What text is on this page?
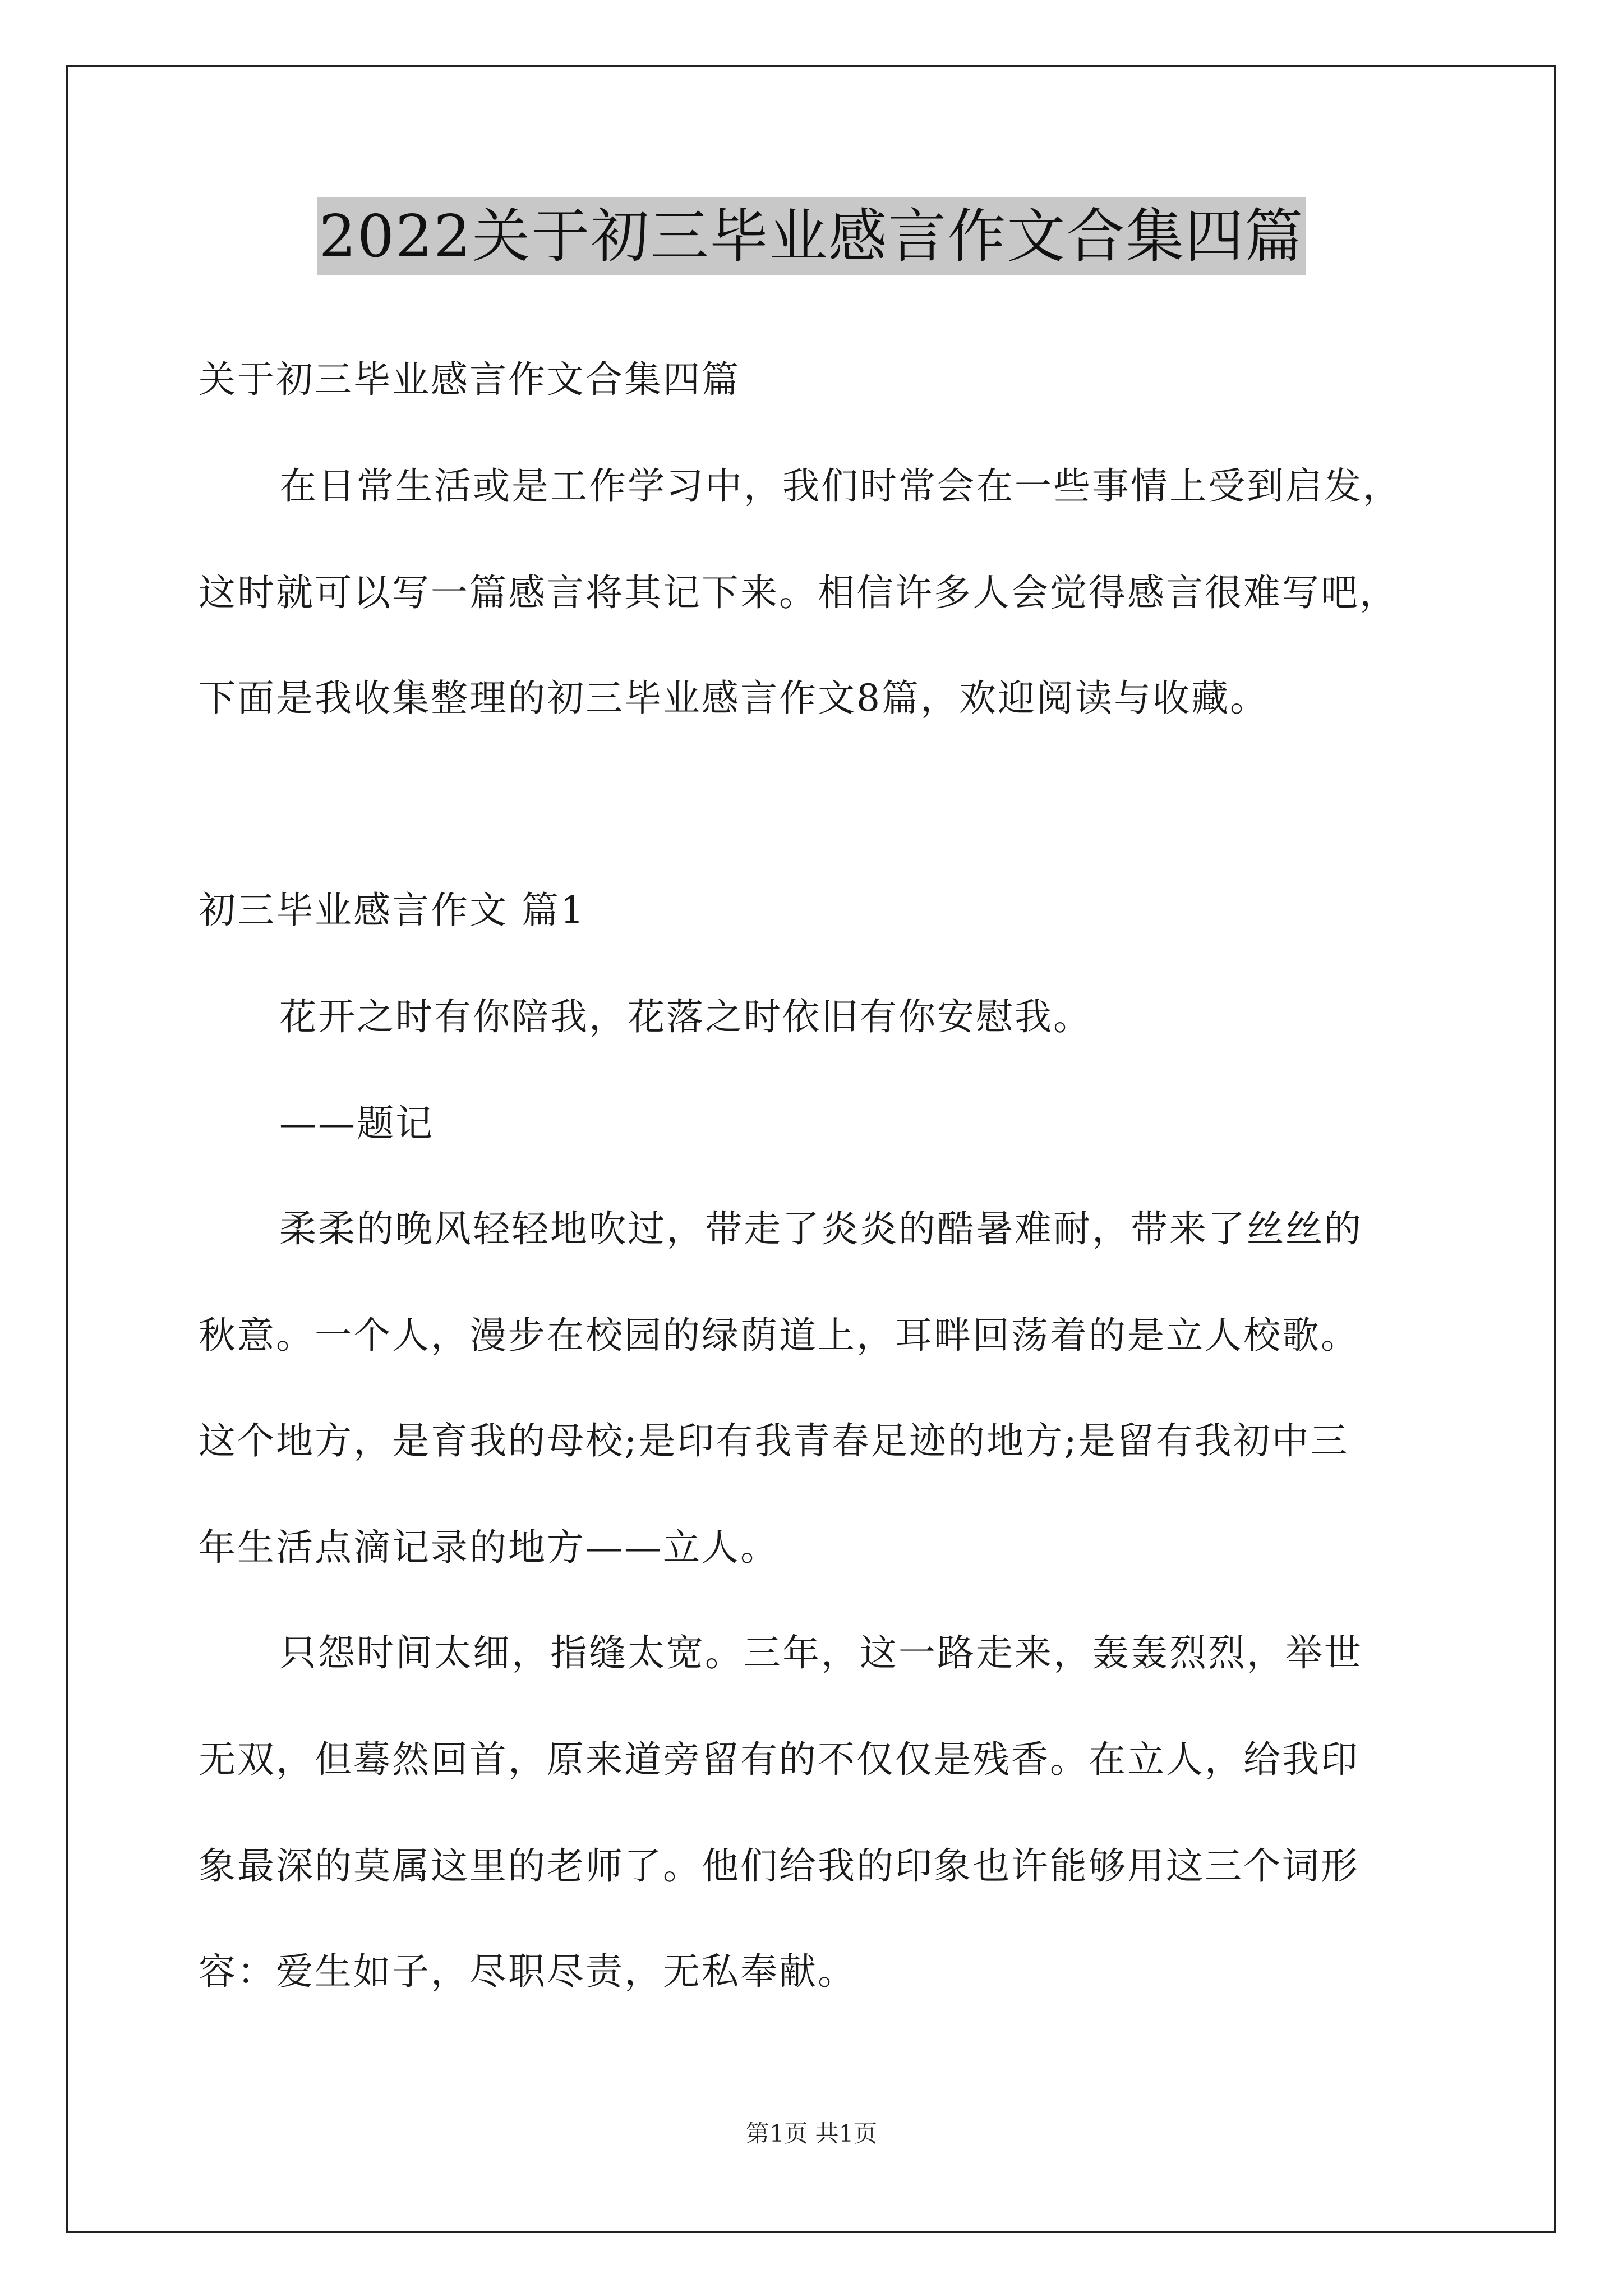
2022关于初三毕业感言作文合集四篇
关于初三毕业感言作文合集四篇
在日常生活或是工作学习中，我们时常会在一些事情上受到启发，
这时就可以写一篇感言将其记下来。相信许多人会觉得感言很难写吧，
下面是我收集整理的初三毕业感言作文8篇，欢迎阅读与收藏。
初三毕业感言作文 篇1
花开之时有你陪我，花落之时依旧有你安慰我。
——题记
柔柔的晚风轻轻地吹过，带走了炎炎的酷暑难耐，带来了丝丝的
秋意。一个人，漫步在校园的绿荫道上，耳畔回荡着的是立人校歌。
这个地方，是育我的母校;是印有我青春足迹的地方;是留有我初中三
年生活点滴记录的地方——立人。
只怨时间太细，指缝太宽。三年，这一路走来，轰轰烈烈，举世
无双，但蓦然回首，原来道旁留有的不仅仅是残香。在立人，给我印
象最深的莫属这里的老师了。他们给我的印象也许能够用这三个词形
容：爱生如子，尽职尽责，无私奉献。
第1页 共1页
